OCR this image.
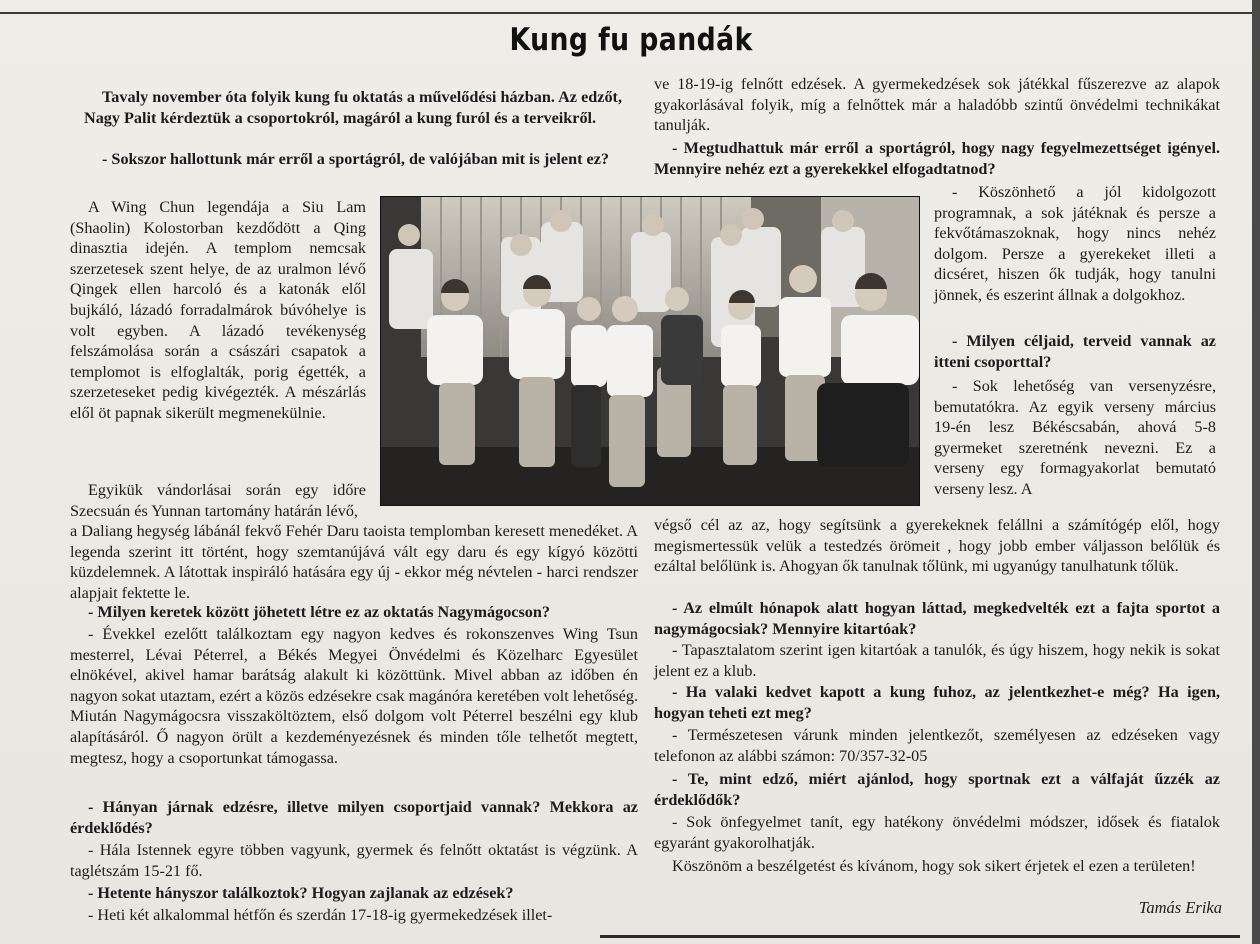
Kung fu pandák

Tavaly november óta folyik kung fu oktatás a művelődési házban. Az edzőt, Nagy Palit kérdeztük a csoportokról, magáról a kung furól és a terveikről.

- Sokszor hallottunk már erről a sportágról, de valójában mit is jelent ez?

A Wing Chun legendája a Siu Lam (Shaolin) Kolostorban kezdődött a Qing dinasztia idején. A templom nemcsak szerzetesek szent helye, de az uralmon lévő Qingek ellen harcoló és a katonák elől bujkáló, lázadó forradalmárok búvóhelye is volt egyben. A lázadó tevékenység felszámolása során a császári csapatok a templomot is elfoglalták, porig égették, a szerzeteseket pedig kivégezték. A mészárlás elől öt papnak sikerült megmenekülnie.

Egyikük vándorlásai során egy időre Szecsuán és Yunnan tartomány határán lévő,

a Daliang hegység lábánál fekvő Fehér Daru taoista templomban keresett menedéket. A legenda szerint itt történt, hogy szemtanújává vált egy daru és egy kígyó közötti küzdelemnek. A látottak inspiráló hatására egy új - ekkor még névtelen - harci rendszer alapjait fektette le.

- Milyen keretek között jöhetett létre ez az oktatás Nagymágocson?

- Évekkel ezelőtt találkoztam egy nagyon kedves és rokonszenves Wing Tsun mesterrel, Lévai Péterrel, a Békés Megyei Önvédelmi és Közelharc Egyesület elnökével, akivel hamar barátság alakult ki közöttünk. Mivel abban az időben én nagyon sokat utaztam, ezért a közös edzésekre csak magánóra keretében volt lehetőség. Miután Nagymágocsra visszaköltöztem, első dolgom volt Péterrel beszélni egy klub alapításáról. Ő nagyon örült a kezdeményezésnek és minden tőle telhetőt megtett, megtesz, hogy a csoportunkat támogassa.

- Hányan járnak edzésre, illetve milyen csoportjaid vannak? Mekkora az érdeklődés?

- Hála Istennek egyre többen vagyunk, gyermek és felnőtt oktatást is végzünk. A taglétszám 15-21 fő.

- Hetente hányszor találkoztok? Hogyan zajlanak az edzések?

- Heti két alkalommal hétfőn és szerdán 17-18-ig gyermekedzések illet-

ve 18-19-ig felnőtt edzések. A gyermekedzések sok játékkal fűszerezve az alapok gyakorlásával folyik, míg a felnőttek már a haladóbb szintű önvédelmi technikákat tanulják.

- Megtudhattuk már erről a sportágról, hogy nagy fegyelmezettséget igényel. Mennyire nehéz ezt a gyerekekkel elfogadtatnod?

- Köszönhető a jól kidolgozott programnak, a sok játéknak és persze a fekvőtámaszoknak, hogy nincs nehéz dolgom. Persze a gyerekeket illeti a dicséret, hiszen ők tudják, hogy tanulni jönnek, és eszerint állnak a dolgokhoz.

- Milyen céljaid, terveid vannak az itteni csoporttal?

- Sok lehetőség van versenyzésre, bemutatókra. Az egyik verseny március 19-én lesz Békéscsabán, ahová 5-8 gyermeket szeretnénk nevezni. Ez a verseny egy formagyakorlat bemutató verseny lesz. A

végső cél az az, hogy segítsünk a gyerekeknek felállni a számítógép elől, hogy megismertessük velük a testedzés örömeit , hogy jobb ember váljasson belőlük és ezáltal belőlünk is. Ahogyan ők tanulnak tőlünk, mi ugyanúgy tanulhatunk tőlük.

- Az elmúlt hónapok alatt hogyan láttad, megkedvelték ezt a fajta sportot a nagymágocsiak? Mennyire kitartóak?

- Tapasztalatom szerint igen kitartóak a tanulók, és úgy hiszem, hogy nekik is sokat jelent ez a klub.

- Ha valaki kedvet kapott a kung fuhoz, az jelentkezhet-e még? Ha igen, hogyan teheti ezt meg?

- Természetesen várunk minden jelentkezőt, személyesen az edzéseken vagy telefonon az alábbi számon: 70/357-32-05

- Te, mint edző, miért ajánlod, hogy sportnak ezt a válfaját űzzék az érdeklődők?

- Sok önfegyelmet tanít, egy hatékony önvédelmi módszer, idősek és fiatalok egyaránt gyakorolhatják.

Köszönöm a beszélgetést és kívánom, hogy sok sikert érjetek el ezen a területen!

Tamás Erika
